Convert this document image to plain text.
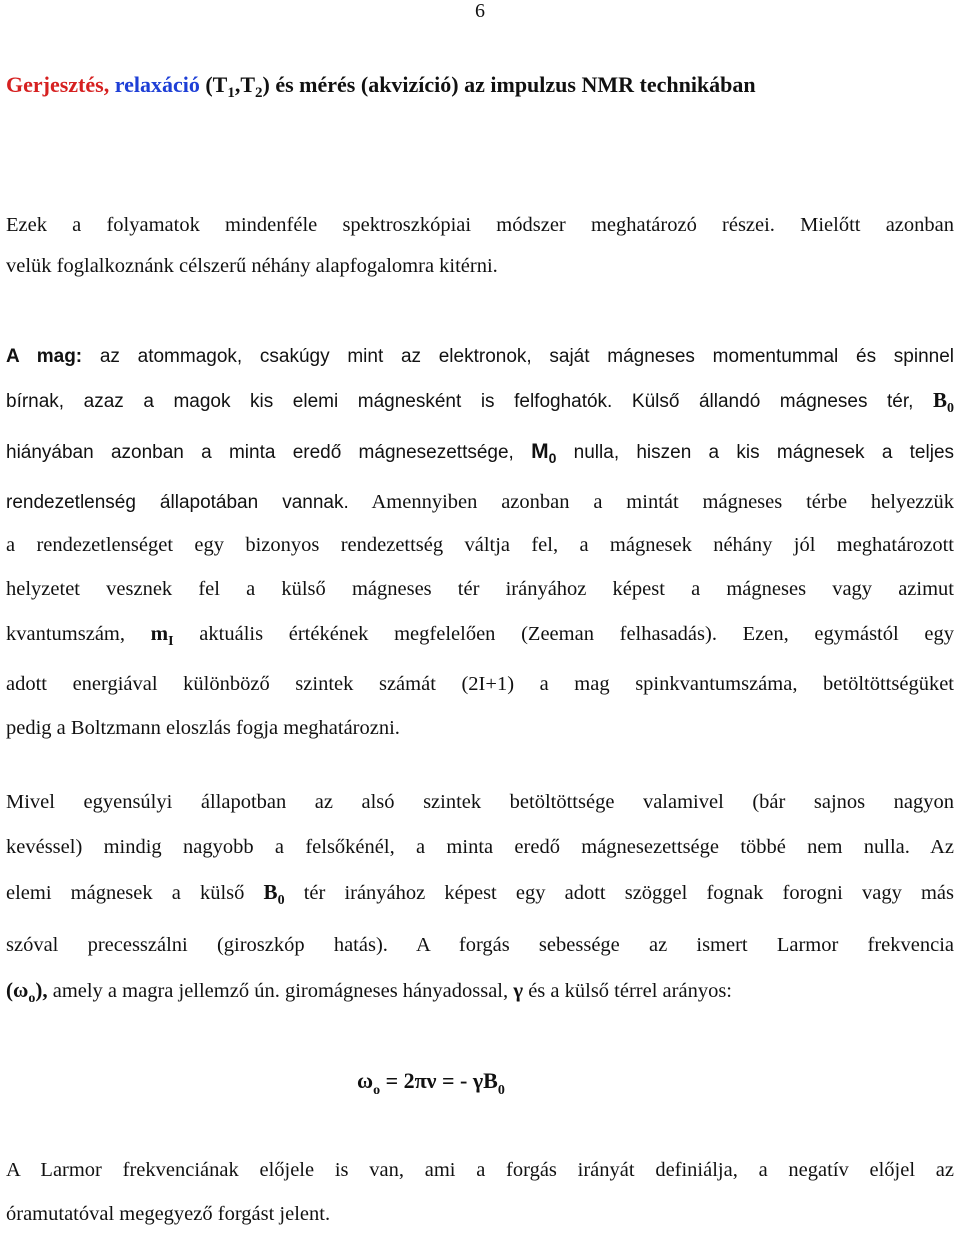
6
Gerjesztés, relaxáció $(T_1,T_2)$ és mérés (akvizíció) az impulzus NMR technikában
Ezek a folyamatok mindenféle spektroszkópiai módszer meghatározó részei. Mielőtt azonban
velük foglalkoznánk célszerű néhány alapfogalomra kitérni.
A mag: az atommagok, csakúgy mint az elektronok, saját mágneses momentummal és spinnel
bírnak, azaz a magok kis elemi mágnesként is felfoghatók. Külső állandó mágneses tér, $B_0$
hiányában azonban a minta eredő mágnesezettsége, $M_0$ nulla, hiszen a kis mágnesek a teljes
rendezetlenség állapotában vannak. Amennyiben azonban a mintát mágneses térbe helyezzük
a rendezetlenséget egy bizonyos rendezettség váltja fel, a mágnesek néhány jól meghatározott
helyzetet vesznek fel a külső mágneses tér irányához képest a mágneses vagy azimut
kvantumszám, $m_I$ aktuális értékének megfelelően (Zeeman felhasadás). Ezen, egymástól egy
adott energiával különböző szintek számát (2I+1) a mag spinkvantumszáma, betöltöttségüket
pedig a Boltzmann eloszlás fogja meghatározni.
Mivel egyensúlyi állapotban az alsó szintek betöltöttsége valamivel (bár sajnos nagyon
kevéssel) mindig nagyobb a felsőkénél, a minta eredő mágnesezettsége többé nem nulla. Az
elemi mágnesek a külső $B_0$ tér irányához képest egy adott szöggel fognak forogni vagy más
szóval precesszálni (giroszkóp hatás). A forgás sebessége az ismert Larmor frekvencia
$(\omega_o)$, amely a magra jellemző ún. giromágneses hányadossal, γ és a külső térrel arányos:
$\omega_o = 2\pi\nu$ = - $\gamma B_0$
A Larmor frekvenciának előjele is van, ami a forgás irányát definiálja, a negatív előjel az
óramutatóval megegyező forgást jelent.
